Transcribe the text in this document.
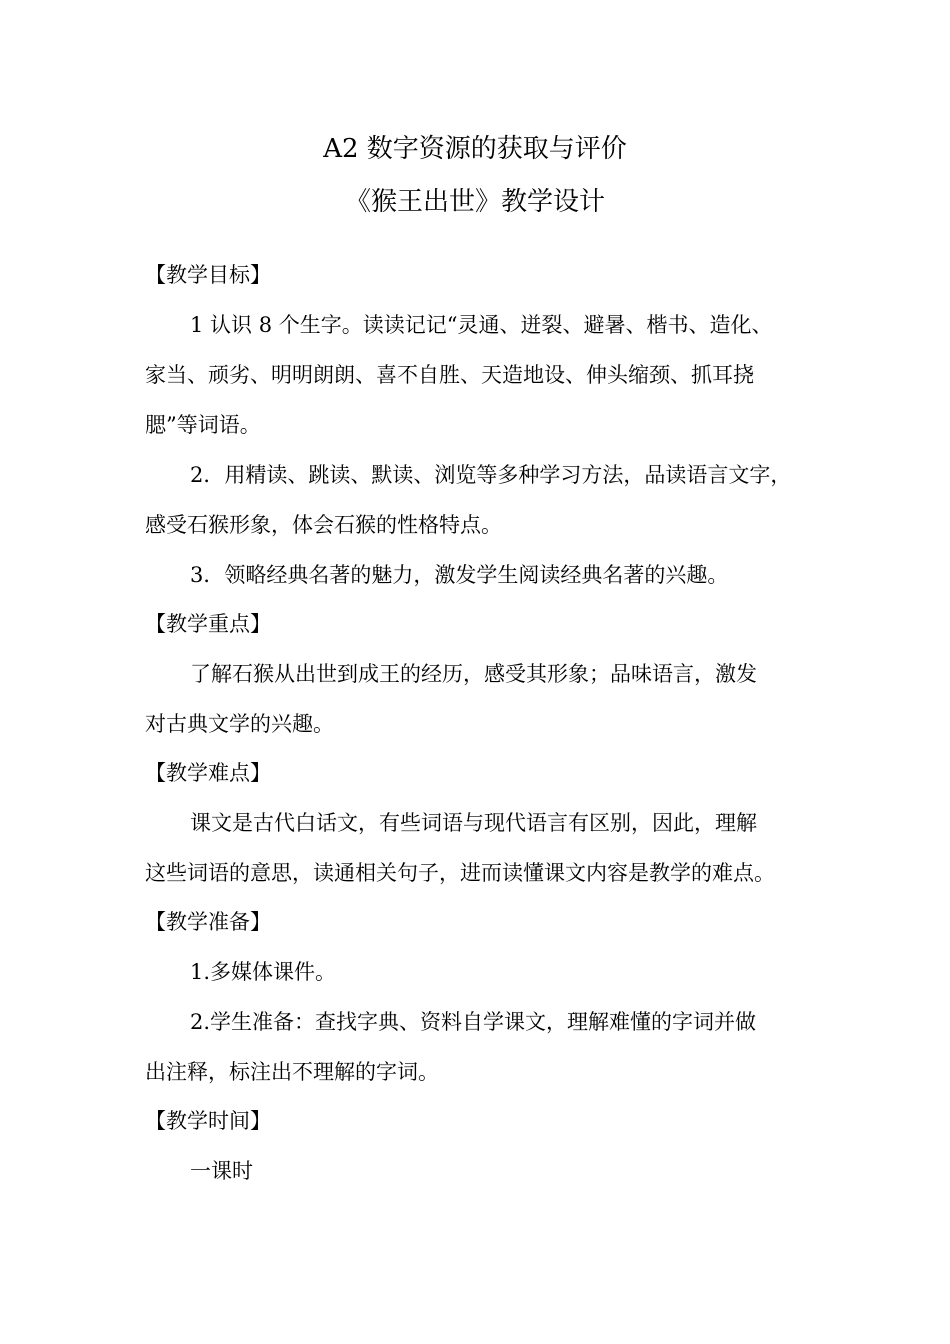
A2 数字资源的获取与评价
《猴王出世》教学设计
【教学目标】
1 认识 8 个生字。读读记记“灵通、迸裂、避暑、楷书、造化、
家当、顽劣、明明朗朗、喜不自胜、天造地设、伸头缩颈、抓耳挠
腮”等词语。
2．用精读、跳读、默读、浏览等多种学习方法，品读语言文字，
感受石猴形象，体会石猴的性格特点。
3．领略经典名著的魅力，激发学生阅读经典名著的兴趣。
【教学重点】
了解石猴从出世到成王的经历，感受其形象；品味语言，激发
对古典文学的兴趣。
【教学难点】
课文是古代白话文，有些词语与现代语言有区别，因此，理解
这些词语的意思，读通相关句子，进而读懂课文内容是教学的难点。
【教学准备】
1.多媒体课件。
2.学生准备：查找字典、资料自学课文，理解难懂的字词并做
出注释，标注出不理解的字词。
【教学时间】
一课时
